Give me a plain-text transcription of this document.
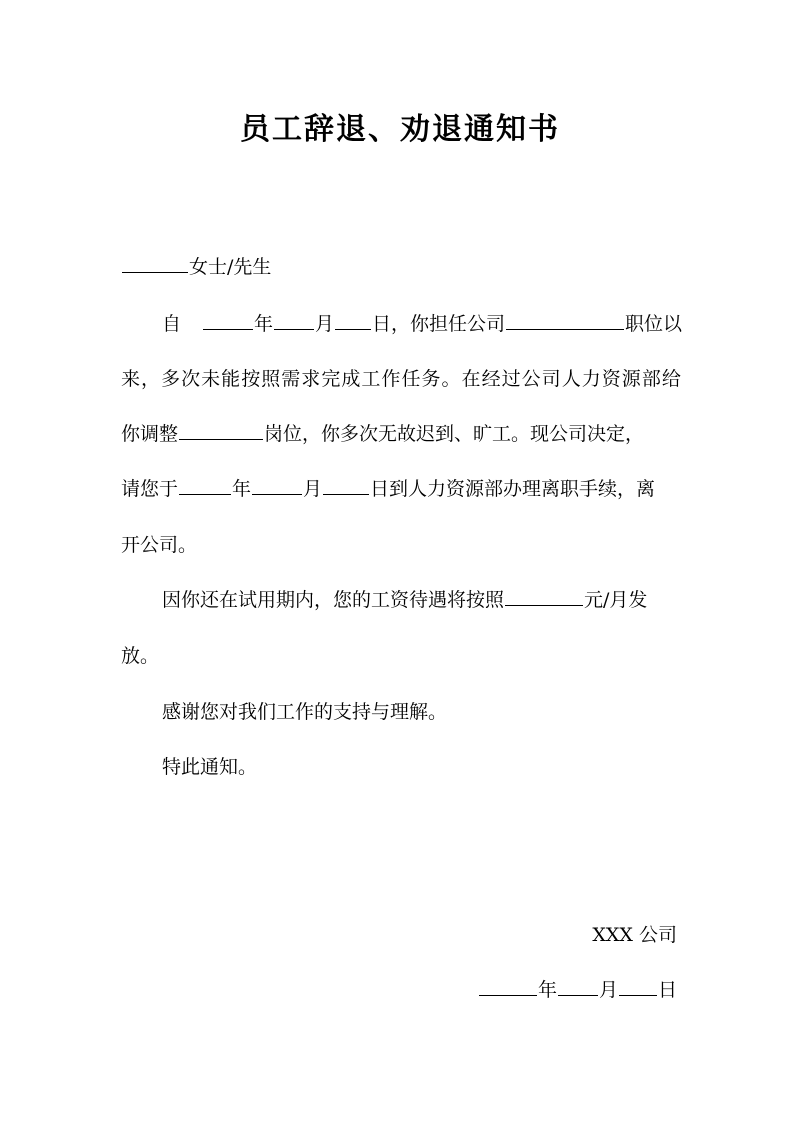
员工辞退、劝退通知书
女士/先生
自	年 月 日，你担任公司	职位以
来 ， 多 次 未 能 按 照 需 求 完 成 工 作 任 务 。 在 经 过 公 司 人 力 资 源 部 给
你调整	岗位，你多次无故迟到、旷工。现公司决定，
请您于	年	月	日到人力资源部办理离职手续，离
开公司。
因你还在试用期内，您的工资待遇将按照	元/月发
放。
感谢您对我们工作的支持与理解。
特此通知。
XXX 公司
年 月 日
